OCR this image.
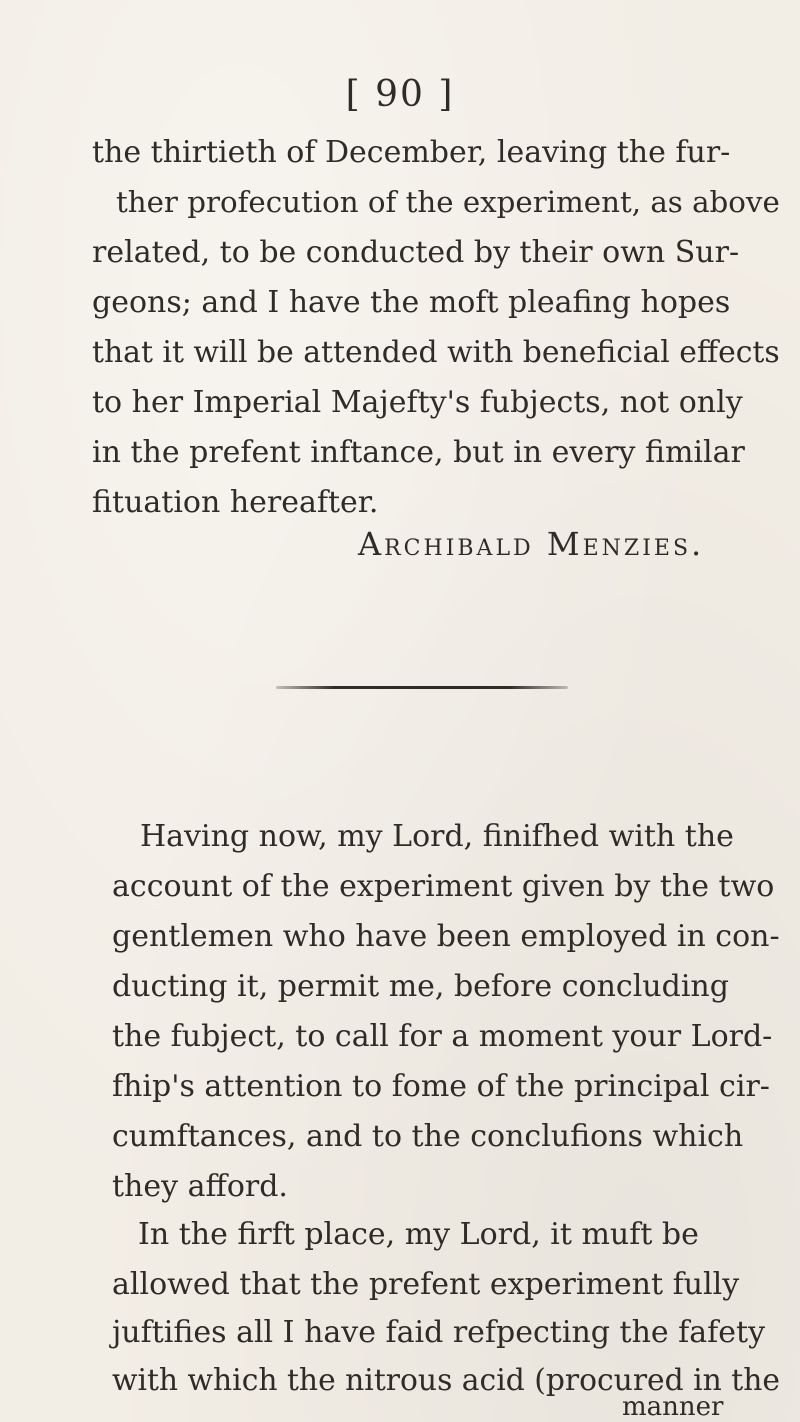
[ 90 ]
the thirtieth of December, leaving the fur-
ther profecution of the experiment, as above
related, to be conducted by their own Sur-
geons; and I have the moft pleafing hopes
that it will be attended with beneficial effects
to her Imperial Majefty's fubjects, not only
in the prefent inftance, but in every fimilar
fituation hereafter.
Archibald Menzies.
Having now, my Lord, finifhed with the
account of the experiment given by the two
gentlemen who have been employed in con-
ducting it, permit me, before concluding
the fubject, to call for a moment your Lord-
fhip's attention to fome of the principal cir-
cumftances, and to the conclufions which
they afford.
In the firft place, my Lord, it muft be
allowed that the prefent experiment fully
juftifies all I have faid refpecting the fafety
with which the nitrous acid (procured in the
manner
